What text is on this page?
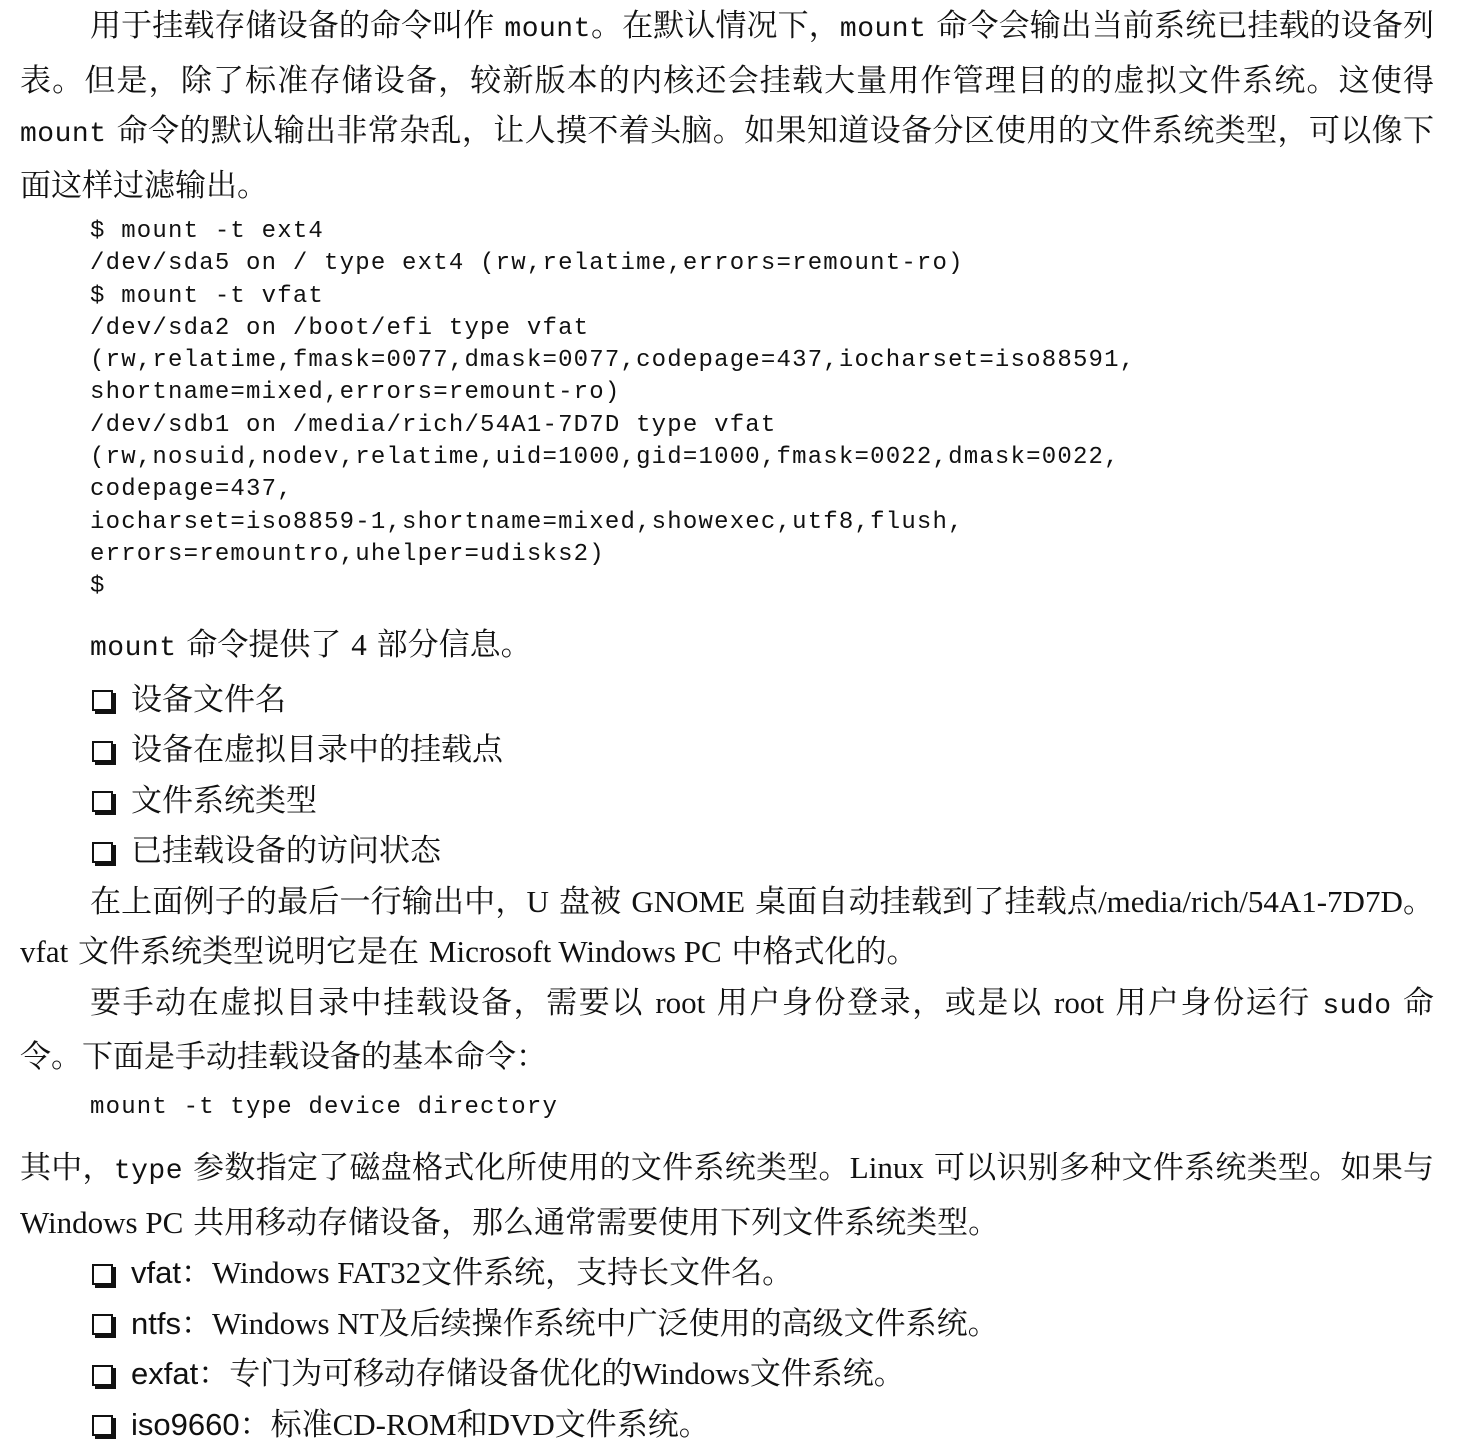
用于挂载存储设备的命令叫作 mount。在默认情况下，mount 命令会输出当前系统已挂载的设备列表。但是，除了标准存储设备，较新版本的内核还会挂载大量用作管理目的的虚拟文件系统。这使得 mount 命令的默认输出非常杂乱，让人摸不着头脑。如果知道设备分区使用的文件系统类型，可以像下面这样过滤输出。

$ mount -t ext4
/dev/sda5 on / type ext4 (rw,relatime,errors=remount-ro)
$ mount -t vfat
/dev/sda2 on /boot/efi type vfat
(rw,relatime,fmask=0077,dmask=0077,codepage=437,iocharset=iso88591,
shortname=mixed,errors=remount-ro)
/dev/sdb1 on /media/rich/54A1-7D7D type vfat
(rw,nosuid,nodev,relatime,uid=1000,gid=1000,fmask=0022,dmask=0022,
codepage=437,
iocharset=iso8859-1,shortname=mixed,showexec,utf8,flush,
errors=remountro,uhelper=udisks2)
$

mount 命令提供了 4 部分信息。

设备文件名
设备在虚拟目录中的挂载点
文件系统类型
已挂载设备的访问状态

在上面例子的最后一行输出中，U 盘被 GNOME 桌面自动挂载到了挂载点/media/rich/54A1-7D7D。vfat 文件系统类型说明它是在 Microsoft Windows PC 中格式化的。

要手动在虚拟目录中挂载设备，需要以 root 用户身份登录，或是以 root 用户身份运行 sudo 命令。下面是手动挂载设备的基本命令：

mount -t type device directory

其中，type 参数指定了磁盘格式化所使用的文件系统类型。Linux 可以识别多种文件系统类型。如果与 Windows PC 共用移动存储设备，那么通常需要使用下列文件系统类型。

vfat ： Windows FAT32 文件系统，支持长文件名。
ntfs ： Windows NT 及后续操作系统中广泛使用的高级文件系统。
exfat ：专门为可移动存储设备优化的 Windows 文件系统。
iso9660 ：标准 CD-ROM 和 DVD 文件系统。
